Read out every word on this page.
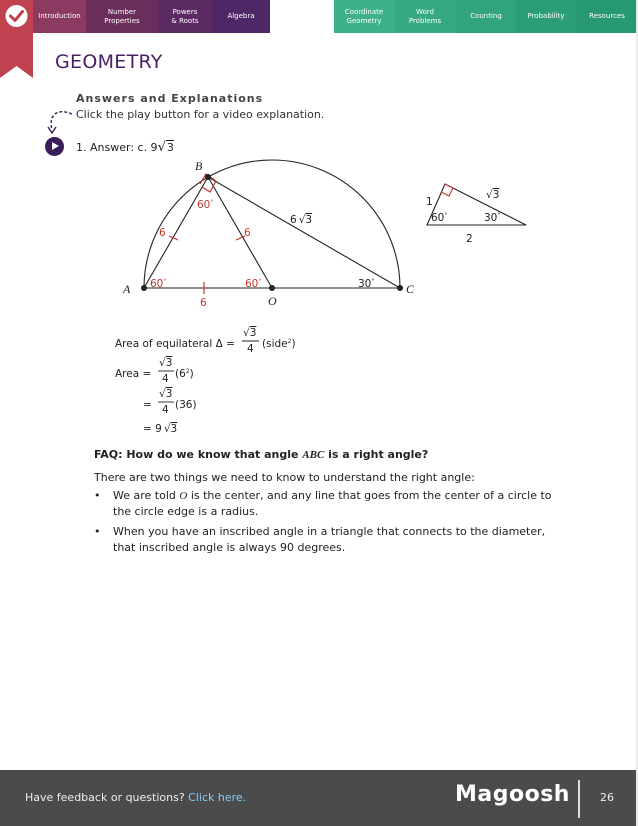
Introduction
Number
Properties
Powers
& Roots
Algebra
Coordinate
Geometry
Word
Problems
Counting	Probability	Resources
GEOMETRY
Answers and Explanations
Click the play button for a video explanation.
1. Answer: c. 9√3
B
A	C
O
60°
60°	60°
6	6
6
30°
6 √3
1
√3
2
60°	30°
Area of equilateral Δ =
√3
4 (side$^2$)
Area =
√3
4 $(6^2)$
=
√3
4 (36)
= 9 √3
FAQ: How do we know that angle ABC is a right angle?
There are two things we need to know to understand the right angle:
• We are told O is the center, and any line that goes from the center of a circle to the circle edge is a radius.
• When you have an inscribed angle in a triangle that connects to the diameter, that inscribed angle is always 90 degrees.
Have feedback or questions? Click here.	Magoosh	26
